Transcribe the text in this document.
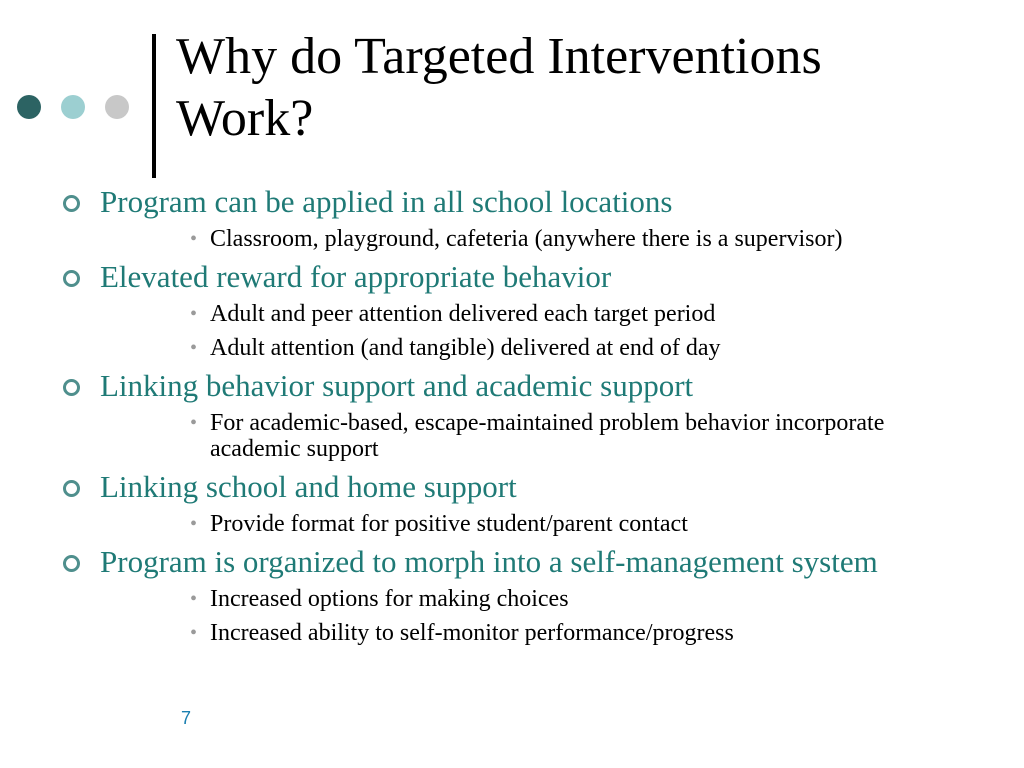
Why do Targeted Interventions
Work?
Program can be applied in all school locations
• Classroom, playground, cafeteria (anywhere there is a supervisor)
Elevated reward for appropriate behavior
• Adult and peer attention delivered each target period
• Adult attention (and tangible) delivered at end of day
Linking behavior support and academic support
• For academic-based, escape-maintained problem behavior incorporate academic support
Linking school and home support
• Provide format for positive student/parent contact
Program is organized to morph into a self-management system
• Increased options for making choices
• Increased ability to self-monitor performance/progress
7
